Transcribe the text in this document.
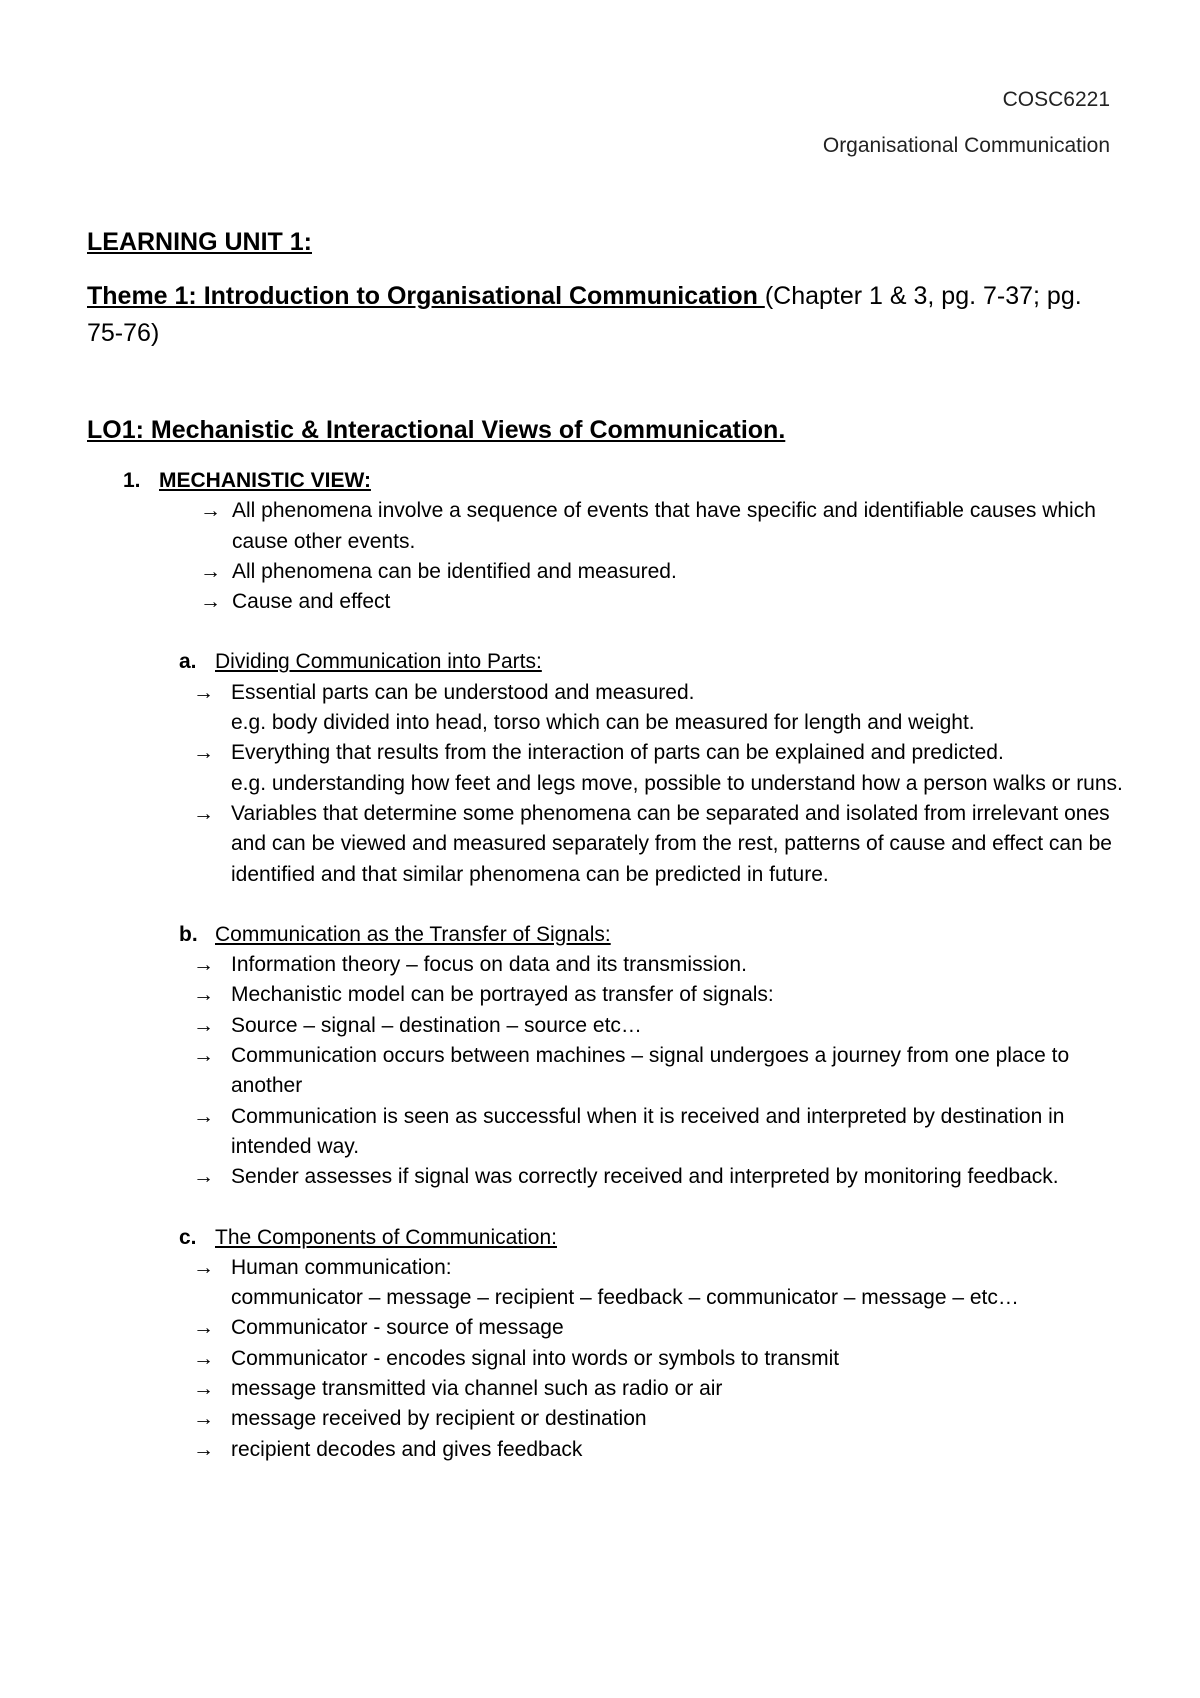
COSC6221
Organisational Communication
LEARNING UNIT 1:
Theme 1: Introduction to Organisational Communication (Chapter 1 & 3, pg. 7-37; pg. 75-76)
LO1: Mechanistic & Interactional Views of Communication.
1. MECHANISTIC VIEW:
→ All phenomena involve a sequence of events that have specific and identifiable causes which cause other events.
→ All phenomena can be identified and measured.
→ Cause and effect
a. Dividing Communication into Parts:
→ Essential parts can be understood and measured.
e.g. body divided into head, torso which can be measured for length and weight.
→ Everything that results from the interaction of parts can be explained and predicted.
e.g. understanding how feet and legs move, possible to understand how a person walks or runs.
→ Variables that determine some phenomena can be separated and isolated from irrelevant ones and can be viewed and measured separately from the rest, patterns of cause and effect can be identified and that similar phenomena can be predicted in future.
b. Communication as the Transfer of Signals:
→ Information theory – focus on data and its transmission.
→ Mechanistic model can be portrayed as transfer of signals:
→ Source – signal – destination – source etc…
→ Communication occurs between machines – signal undergoes a journey from one place to another
→ Communication is seen as successful when it is received and interpreted by destination in intended way.
→ Sender assesses if signal was correctly received and interpreted by monitoring feedback.
c. The Components of Communication:
→ Human communication:
communicator – message – recipient – feedback – communicator – message – etc…
→ Communicator - source of message
→ Communicator - encodes signal into words or symbols to transmit
→ message transmitted via channel such as radio or air
→ message received by recipient or destination
→ recipient decodes and gives feedback
